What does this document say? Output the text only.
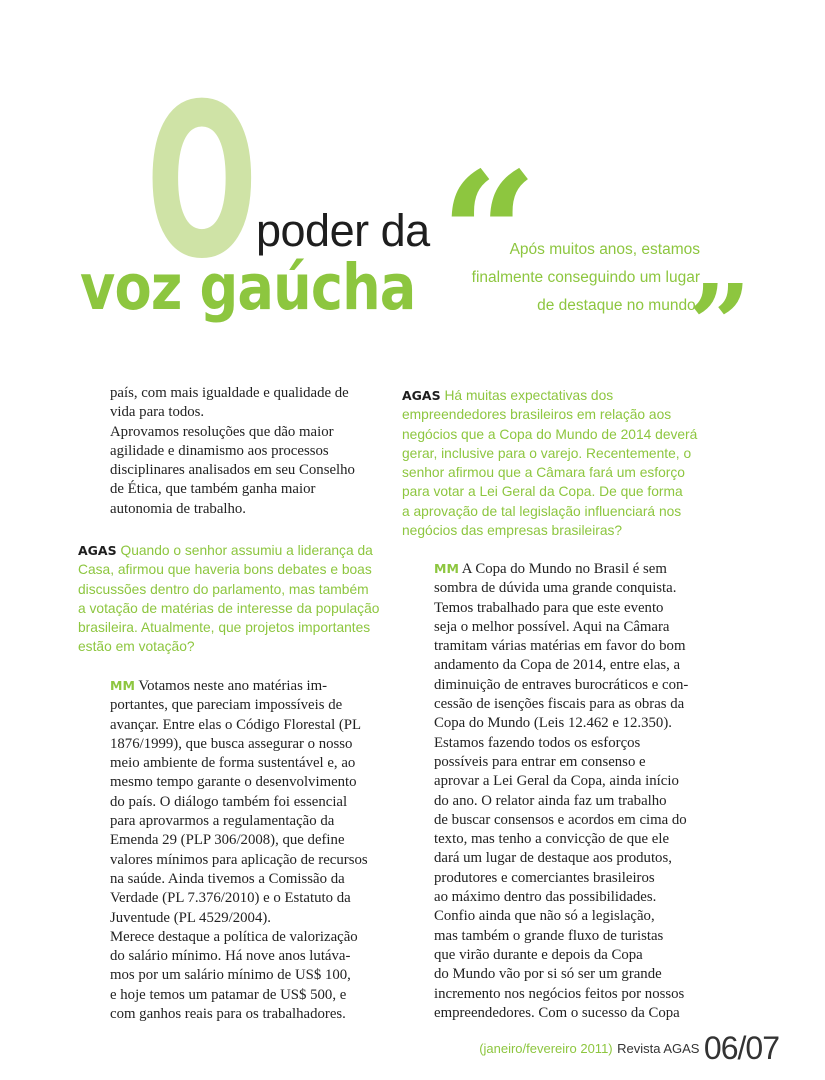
O poder da
voz gaúcha “
Após muitos anos, estamos
finalmente conseguindo um lugar
de destaque no mundo.
”
país, com mais igualdade e qualidade de
vida para todos.
Aprovamos resoluções que dão maior
agilidade e dinamismo aos processos
disciplinares analisados em seu Conselho
de Ética, que também ganha maior
autonomia de trabalho.
AGAS Quando o senhor assumiu a liderança da
Casa, afirmou que haveria bons debates e boas
discussões dentro do parlamento, mas também
a votação de matérias de interesse da população
brasileira. Atualmente, que projetos importantes
estão em votação?
MM Votamos neste ano matérias im-
portantes, que pareciam impossíveis de
avançar. Entre elas o Código Florestal (PL
1876/1999), que busca assegurar o nosso
meio ambiente de forma sustentável e, ao
mesmo tempo garante o desenvolvimento
do país. O diálogo também foi essencial
para aprovarmos a regulamentação da
Emenda 29 (PLP 306/2008), que define
valores mínimos para aplicação de recursos
na saúde. Ainda tivemos a Comissão da
Verdade (PL 7.376/2010) e o Estatuto da
Juventude (PL 4529/2004).
Merece destaque a política de valorização
do salário mínimo. Há nove anos lutáva-
mos por um salário mínimo de US$ 100,
e hoje temos um patamar de US$ 500, e
com ganhos reais para os trabalhadores.
AGAS Há muitas expectativas dos
empreendedores brasileiros em relação aos
negócios que a Copa do Mundo de 2014 deverá
gerar, inclusive para o varejo. Recentemente, o
senhor afirmou que a Câmara fará um esforço
para votar a Lei Geral da Copa. De que forma
a aprovação de tal legislação influenciará nos
negócios das empresas brasileiras?
MM A Copa do Mundo no Brasil é sem
sombra de dúvida uma grande conquista.
Temos trabalhado para que este evento
seja o melhor possível. Aqui na Câmara
tramitam várias matérias em favor do bom
andamento da Copa de 2014, entre elas, a
diminuição de entraves burocráticos e con-
cessão de isenções fiscais para as obras da
Copa do Mundo (Leis 12.462 e 12.350).
Estamos fazendo todos os esforços
possíveis para entrar em consenso e
aprovar a Lei Geral da Copa, ainda início
do ano. O relator ainda faz um trabalho
de buscar consensos e acordos em cima do
texto, mas tenho a convicção de que ele
dará um lugar de destaque aos produtos,
produtores e comerciantes brasileiros
ao máximo dentro das possibilidades.
Confio ainda que não só a legislação,
mas também o grande fluxo de turistas
que virão durante e depois da Copa
do Mundo vão por si só ser um grande
incremento nos negócios feitos por nossos
empreendedores. Com o sucesso da Copa
(janeiro/fevereiro 2011) Revista AGAS 06/07
